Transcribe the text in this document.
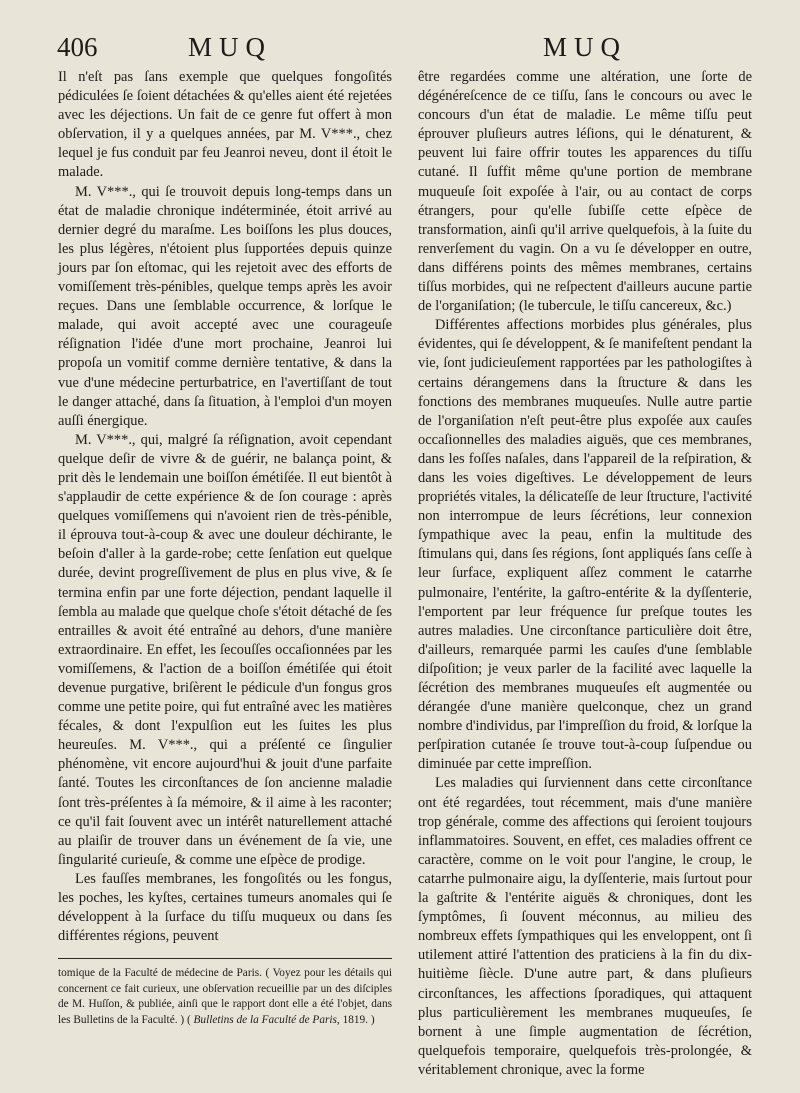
406	MUQ	MUQ

Il n'eſt pas ſans exemple que quelques fongoſités pédiculées ſe ſoient détachées & qu'elles aient été rejetées avec les déjections. Un fait de ce genre fut offert à mon obſervation, il y a quelques années, par M. V***., chez lequel je fus conduit par feu Jeanroi neveu, dont il étoit le malade.

M. V***., qui ſe trouvoit depuis long-temps dans un état de maladie chronique indéterminée, étoit arrivé au dernier degré du maraſme. Les boiſſons les plus douces, les plus légères, n'étoient plus ſupportées depuis quinze jours par ſon eſtomac, qui les rejetoit avec des efforts de vomiſſement très-pénibles, quelque temps après les avoir reçues. Dans une ſemblable occurrence, & lorſque le malade, qui avoit accepté avec une courageuſe réſignation l'idée d'une mort prochaine, Jeanroi lui propoſa un vomitif comme dernière tentative, & dans la vue d'une médecine perturbatrice, en l'avertiſſant de tout le danger attaché, dans ſa ſituation, à l'emploi d'un moyen auſſi énergique.

M. V***., qui, malgré ſa réſignation, avoit cependant quelque deſir de vivre & de guérir, ne balança point, & prit dès le lendemain une boiſſon émétiſée. Il eut bientôt à s'applaudir de cette expérience & de ſon courage : après quelques vomiſſemens qui n'avoient rien de très-pénible, il éprouva tout-à-coup & avec une douleur déchirante, le beſoin d'aller à la garde-robe; cette ſenſation eut quelque durée, devint progreſſivement de plus en plus vive, & ſe termina enfin par une forte déjection, pendant laquelle il ſembla au malade que quelque choſe s'étoit détaché de ſes entrailles & avoit été entraîné au dehors, d'une manière extraordinaire. En effet, les ſecouſſes occaſionnées par les vomiſſemens, & l'action de a boiſſon émétiſée qui étoit devenue purgative, briſèrent le pédicule d'un fongus gros comme une petite poire, qui fut entraîné avec les matières fécales, & dont l'expulſion eut les ſuites les plus heureuſes. M. V***., qui a préſenté ce ſingulier phénomène, vit encore aujourd'hui & jouit d'une parfaite ſanté. Toutes les circonſtances de ſon ancienne maladie ſont très-préſentes à ſa mémoire, & il aime à les raconter; ce qu'il fait ſouvent avec un intérêt naturellement attaché au plaiſir de trouver dans un événement de ſa vie, une ſingularité curieuſe, & comme une eſpèce de prodige.

Les fauſſes membranes, les fongoſités ou les fongus, les poches, les kyſtes, certaines tumeurs anomales qui ſe développent à la ſurface du tiſſu muqueux ou dans ſes différentes régions, peuvent

être regardées comme une altération, une ſorte de dégénéreſcence de ce tiſſu, ſans le concours ou avec le concours d'un état de maladie. Le même tiſſu peut éprouver pluſieurs autres léſions, qui le dénaturent, & peuvent lui faire offrir toutes les apparences du tiſſu cutané. Il ſuffit même qu'une portion de membrane muqueuſe ſoit expoſée à l'air, ou au contact de corps étrangers, pour qu'elle ſubiſſe cette eſpèce de transformation, ainſi qu'il arrive quelquefois, à la ſuite du renverſement du vagin. On a vu ſe développer en outre, dans différens points des mêmes membranes, certains tiſſus morbides, qui ne reſpectent d'ailleurs aucune partie de l'organiſation; (le tubercule, le tiſſu cancereux, &c.)

Différentes affections morbides plus générales, plus évidentes, qui ſe développent, & ſe manifeſtent pendant la vie, ſont judicieuſement rapportées par les pathologiſtes à certains dérangemens dans la ſtructure & dans les fonctions des membranes muqueuſes. Nulle autre partie de l'organiſation n'eſt peut-être plus expoſée aux cauſes occaſionnelles des maladies aiguës, que ces membranes, dans les foſſes naſales, dans l'appareil de la reſpiration, & dans les voies digeſtives. Le développement de leurs propriétés vitales, la délicateſſe de leur ſtructure, l'activité non interrompue de leurs ſécrétions, leur connexion ſympathique avec la peau, enfin la multitude des ſtimulans qui, dans ſes régions, ſont appliqués ſans ceſſe à leur ſurface, expliquent aſſez comment le catarrhe pulmonaire, l'entérite, la gaſtro-entérite & la dyſſenterie, l'emportent par leur fréquence ſur preſque toutes les autres maladies. Une circonſtance particulière doit être, d'ailleurs, remarquée parmi les cauſes d'une ſemblable diſpoſition; je veux parler de la facilité avec laquelle la ſécrétion des membranes muqueuſes eſt augmentée ou dérangée d'une manière quelconque, chez un grand nombre d'individus, par l'impreſſion du froid, & lorſque la perſpiration cutanée ſe trouve tout-à-coup ſuſpendue ou diminuée par cette impreſſion.

Les maladies qui ſurviennent dans cette circonſtance ont été regardées, tout récemment, mais d'une manière trop générale, comme des affections qui ſeroient toujours inflammatoires. Souvent, en effet, ces maladies offrent ce caractère, comme on le voit pour l'angine, le croup, le catarrhe pulmonaire aigu, la dyſſenterie, mais ſurtout pour la gaſtrite & l'entérite aiguës & chroniques, dont les ſymptômes, ſi ſouvent méconnus, au milieu des nombreux effets ſympathiques qui les enveloppent, ont ſi utilement attiré l'attention des praticiens à la fin du dix-huitième ſiècle. D'une autre part, & dans pluſieurs circonſtances, les affections ſporadiques, qui attaquent plus particulièrement les membranes muqueuſes, ſe bornent à une ſimple augmentation de ſécrétion, quelquefois temporaire, quelquefois très-prolongée, & véritablement chronique, avec la forme

tomique de la Faculté de médecine de Paris. ( Voyez pour les détails qui concernent ce fait curieux, une obſervation recueillie par un des diſciples de M. Huſſon, & publiée, ainſi que le rapport dont elle a été l'objet, dans les Bulletins de la Faculté. ) ( Bulletins de la Faculté de Paris, 1819. )
